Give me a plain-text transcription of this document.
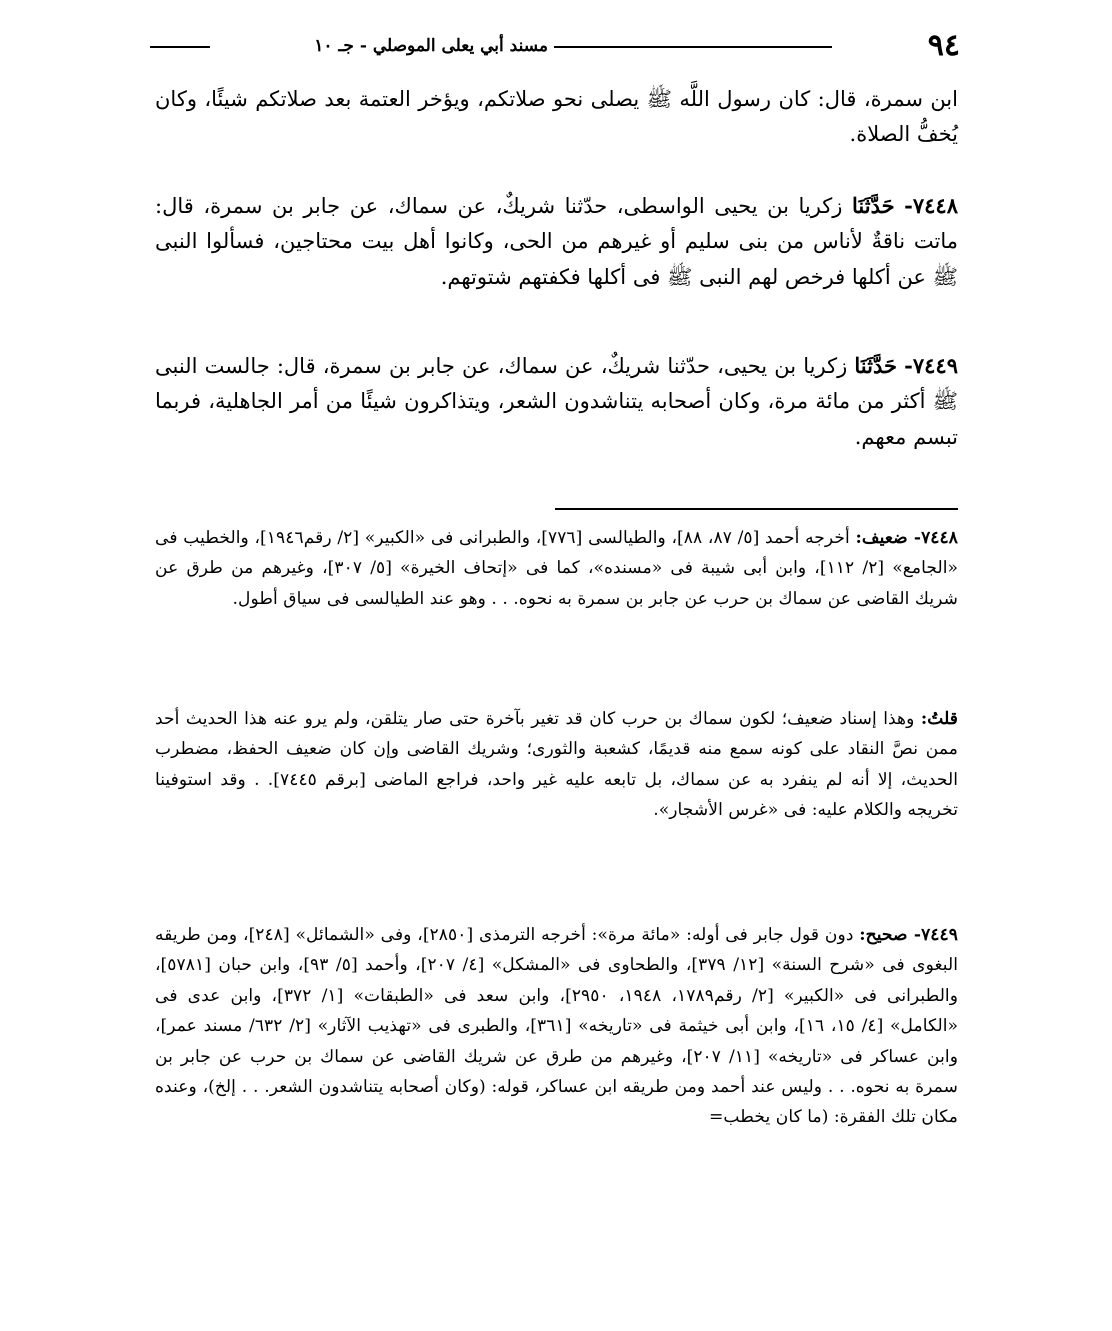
٩٤
مسند أبي يعلى الموصلي - جـ ١٠
ابن سمرة، قال: كان رسول اللَّه ﷺ يصلى نحو صلاتكم، ويؤخر العتمة بعد صلاتكم شيئًا، وكان يُخفُّ الصلاة.
٧٤٤٨- حَدَّثَنَا زكريا بن يحيى الواسطى، حدّثنا شريكٌ، عن سماك، عن جابر بن سمرة، قال: ماتت ناقةٌ لأناس من بنى سليم أو غيرهم من الحى، وكانوا أهل بيت محتاجين، فسألوا النبى ﷺ عن أكلها فرخص لهم النبى ﷺ فى أكلها فكفتهم شتوتهم.
٧٤٤٩- حَدَّثَنَا زكريا بن يحيى، حدّثنا شريكٌ، عن سماك، عن جابر بن سمرة، قال: جالست النبى ﷺ أكثر من مائة مرة، وكان أصحابه يتناشدون الشعر، ويتذاكرون شيئًا من أمر الجاهلية، فربما تبسم معهم.
٧٤٤٨- ضعيف: أخرجه أحمد [٥/ ٨٧، ٨٨]، والطيالسى [٧٧٦]، والطبرانى فى «الكبير» [٢/ رقم١٩٤٦]، والخطيب فى «الجامع» [٢/ ١١٢]، وابن أبى شيبة فى «مسنده»، كما فى «إتحاف الخيرة» [٥/ ٣٠٧]، وغيرهم من طرق عن شريك القاضى عن سماك بن حرب عن جابر بن سمرة به نحوه. . . وهو عند الطيالسى فى سياق أطول.
قلتُ: وهذا إسناد ضعيف؛ لكون سماك بن حرب كان قد تغير بآخرة حتى صار يتلقن، ولم يرو عنه هذا الحديث أحد ممن نصَّ النقاد على كونه سمع منه قديمًا، كشعبة والثورى؛ وشريك القاضى وإن كان ضعيف الحفظ، مضطرب الحديث، إلا أنه لم ينفرد به عن سماك، بل تابعه عليه غير واحد، فراجع الماضى [برقم ٧٤٤٥]. . وقد استوفينا تخريجه والكلام عليه: فى «غرس الأشجار».
٧٤٤٩- صحيح: دون قول جابر فى أوله: «مائة مرة»: أخرجه الترمذى [٢٨٥٠]، وفى «الشمائل» [٢٤٨]، ومن طريقه البغوى فى «شرح السنة» [١٢/ ٣٧٩]، والطحاوى فى «المشكل» [٤/ ٢٠٧]، وأحمد [٥/ ٩٣]، وابن حبان [٥٧٨١]، والطبرانى فى «الكبير» [٢/ رقم١٧٨٩، ١٩٤٨، ٢٩٥٠]، وابن سعد فى «الطبقات» [١/ ٣٧٢]، وابن عدى فى «الكامل» [٤/ ١٥، ١٦]، وابن أبى خيثمة فى «تاريخه» [٣٦١]، والطبرى فى «تهذيب الآثار» [٢/ ٦٣٢/ مسند عمر]، وابن عساكر فى «تاريخه» [١١/ ٢٠٧]، وغيرهم من طرق عن شريك القاضى عن سماك بن حرب عن جابر بن سمرة به نحوه. . . وليس عند أحمد ومن طريقه ابن عساكر، قوله: (وكان أصحابه يتناشدون الشعر. . . إلخ)، وعنده مكان تلك الفقرة: (ما كان يخطب=
